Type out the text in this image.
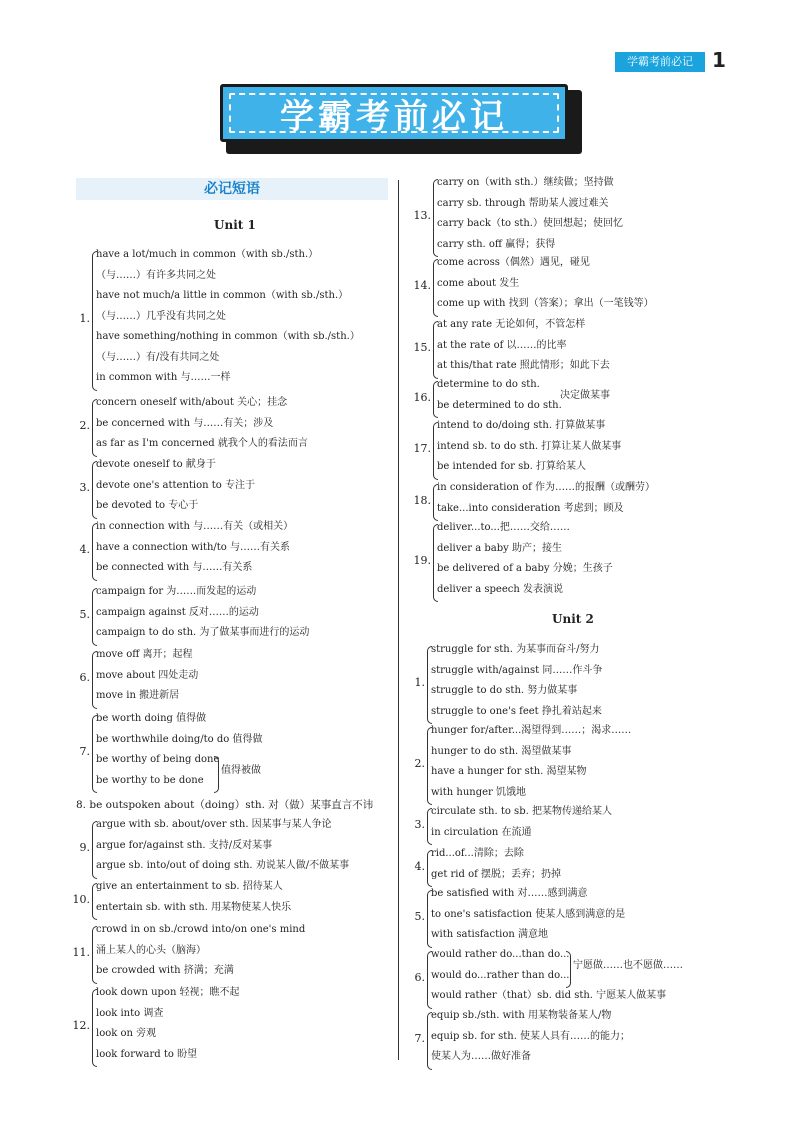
学霸考前必记 1
学霸考前必记
必记短语
Unit 1
Unit 2
8. be outspoken about（doing）sth. 对（做）某事直言不讳
1.
have a lot/much in common（with sb./sth.）
（与……）有许多共同之处
have not much/a little in common（with sb./sth.）
（与……）几乎没有共同之处
have something/nothing in common（with sb./sth.）
（与……）有/没有共同之处
in common with 与……一样
2.
concern oneself with/about 关心；挂念
be concerned with 与……有关；涉及
as far as I'm concerned 就我个人的看法而言
3.
devote oneself to 献身于
devote one's attention to 专注于
be devoted to 专心于
4.
in connection with 与……有关（或相关）
have a connection with/to 与……有关系
be connected with 与……有关系
5.
campaign for 为……而发起的运动
campaign against 反对……的运动
campaign to do sth. 为了做某事而进行的运动
6.
move off 离开；起程
move about 四处走动
move in 搬进新居
7.
be worth doing 值得做
be worthwhile doing/to do 值得做
be worthy of being done
be worthy to be done
值得被做
9.
argue with sb. about/over sth. 因某事与某人争论
argue for/against sth. 支持/反对某事
argue sb. into/out of doing sth. 劝说某人做/不做某事
10.
give an entertainment to sb. 招待某人
entertain sb. with sth. 用某物使某人快乐
11.
crowd in on sb./crowd into/on one's mind
涌上某人的心头（脑海）
be crowded with 挤满；充满
12.
look down upon 轻视；瞧不起
look into 调查
look on 旁观
look forward to 盼望
13.
carry on（with sth.）继续做；坚持做
carry sb. through 帮助某人渡过难关
carry back（to sth.）使回想起；使回忆
carry sth. off 赢得；获得
14.
come across（偶然）遇见，碰见
come about 发生
come up with 找到（答案）；拿出（一笔钱等）
15.
at any rate 无论如何，不管怎样
at the rate of 以……的比率
at this/that rate 照此情形；如此下去
16.
determine to do sth.
be determined to do sth.
决定做某事
17.
intend to do/doing sth. 打算做某事
intend sb. to do sth. 打算让某人做某事
be intended for sb. 打算给某人
18.
in consideration of 作为……的报酬（或酬劳）
take...into consideration 考虑到；顾及
19.
deliver...to...把……交给……
deliver a baby 助产；接生
be delivered of a baby 分娩；生孩子
deliver a speech 发表演说
1.
struggle for sth. 为某事而奋斗/努力
struggle with/against 同……作斗争
struggle to do sth. 努力做某事
struggle to one's feet 挣扎着站起来
2.
hunger for/after...渴望得到……；渴求……
hunger to do sth. 渴望做某事
have a hunger for sth. 渴望某物
with hunger 饥饿地
3.
circulate sth. to sb. 把某物传递给某人
in circulation 在流通
4.
rid...of...清除；去除
get rid of 摆脱；丢弃；扔掉
5.
be satisfied with 对……感到满意
to one's satisfaction 使某人感到满意的是
with satisfaction 满意地
6.
would rather do...than do...
would do...rather than do...
would rather（that）sb. did sth. 宁愿某人做某事
宁愿做……也不愿做……
7.
equip sb./sth. with 用某物装备某人/物
equip sb. for sth. 使某人具有……的能力；
使某人为……做好准备
